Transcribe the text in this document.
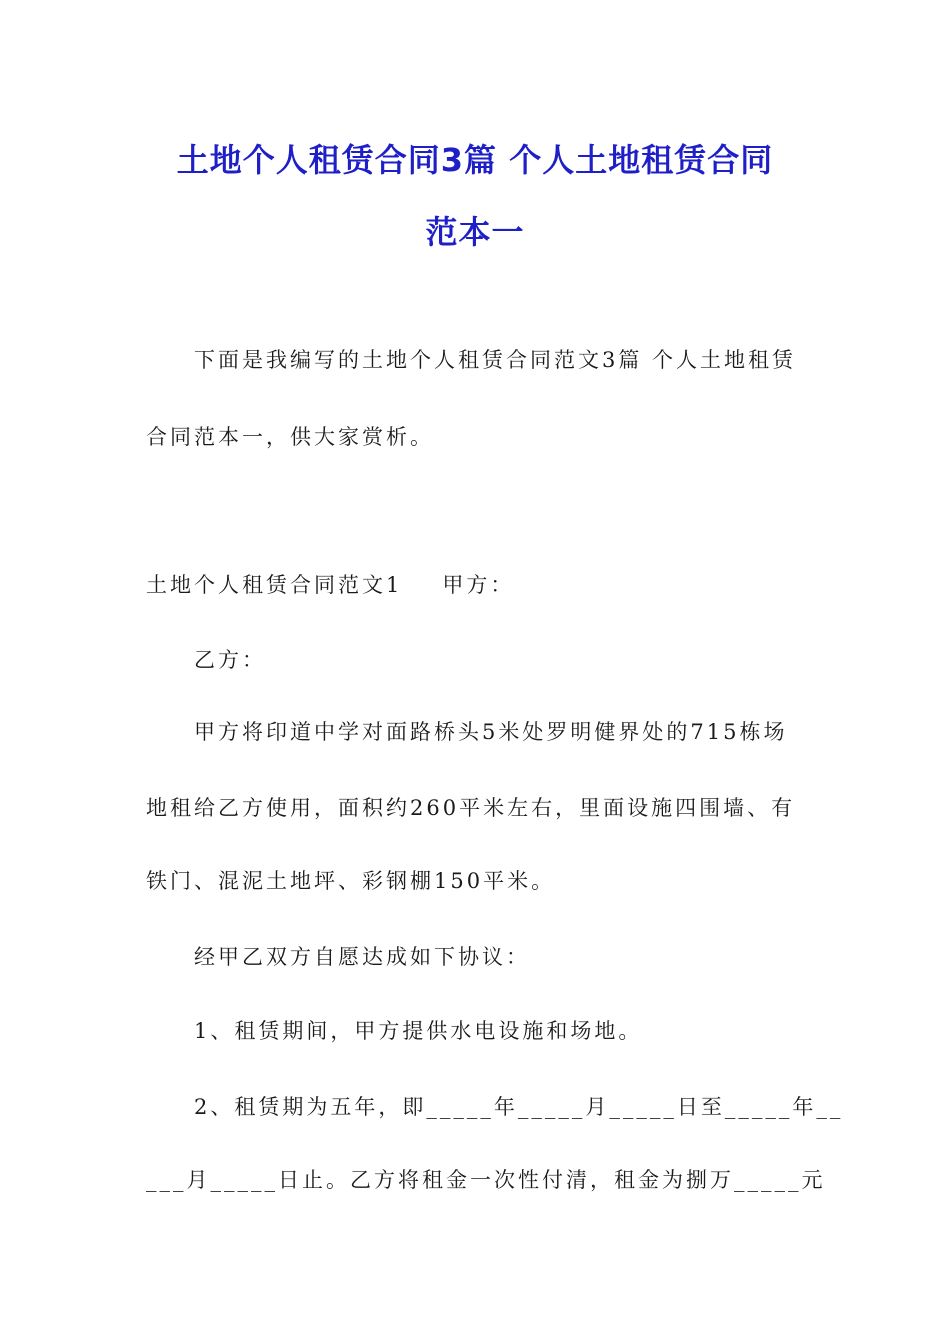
土地个人租赁合同3篇 个人土地租赁合同
范本一
下面是我编写的土地个人租赁合同范文3篇 个人土地租赁
合同范本一，供大家赏析。
土地个人租赁合同范文1 甲方：
乙方：
甲方将印道中学对面路桥头5米处罗明健界处的715栋场
地租给乙方使用，面积约260平米左右，里面设施四围墙、有
铁门、混泥土地坪、彩钢棚150平米。
经甲乙双方自愿达成如下协议：
1、租赁期间，甲方提供水电设施和场地。
2、租赁期为五年，即_____年_____月_____日至_____年__
___月_____日止。乙方将租金一次性付清，租金为捌万_____元
